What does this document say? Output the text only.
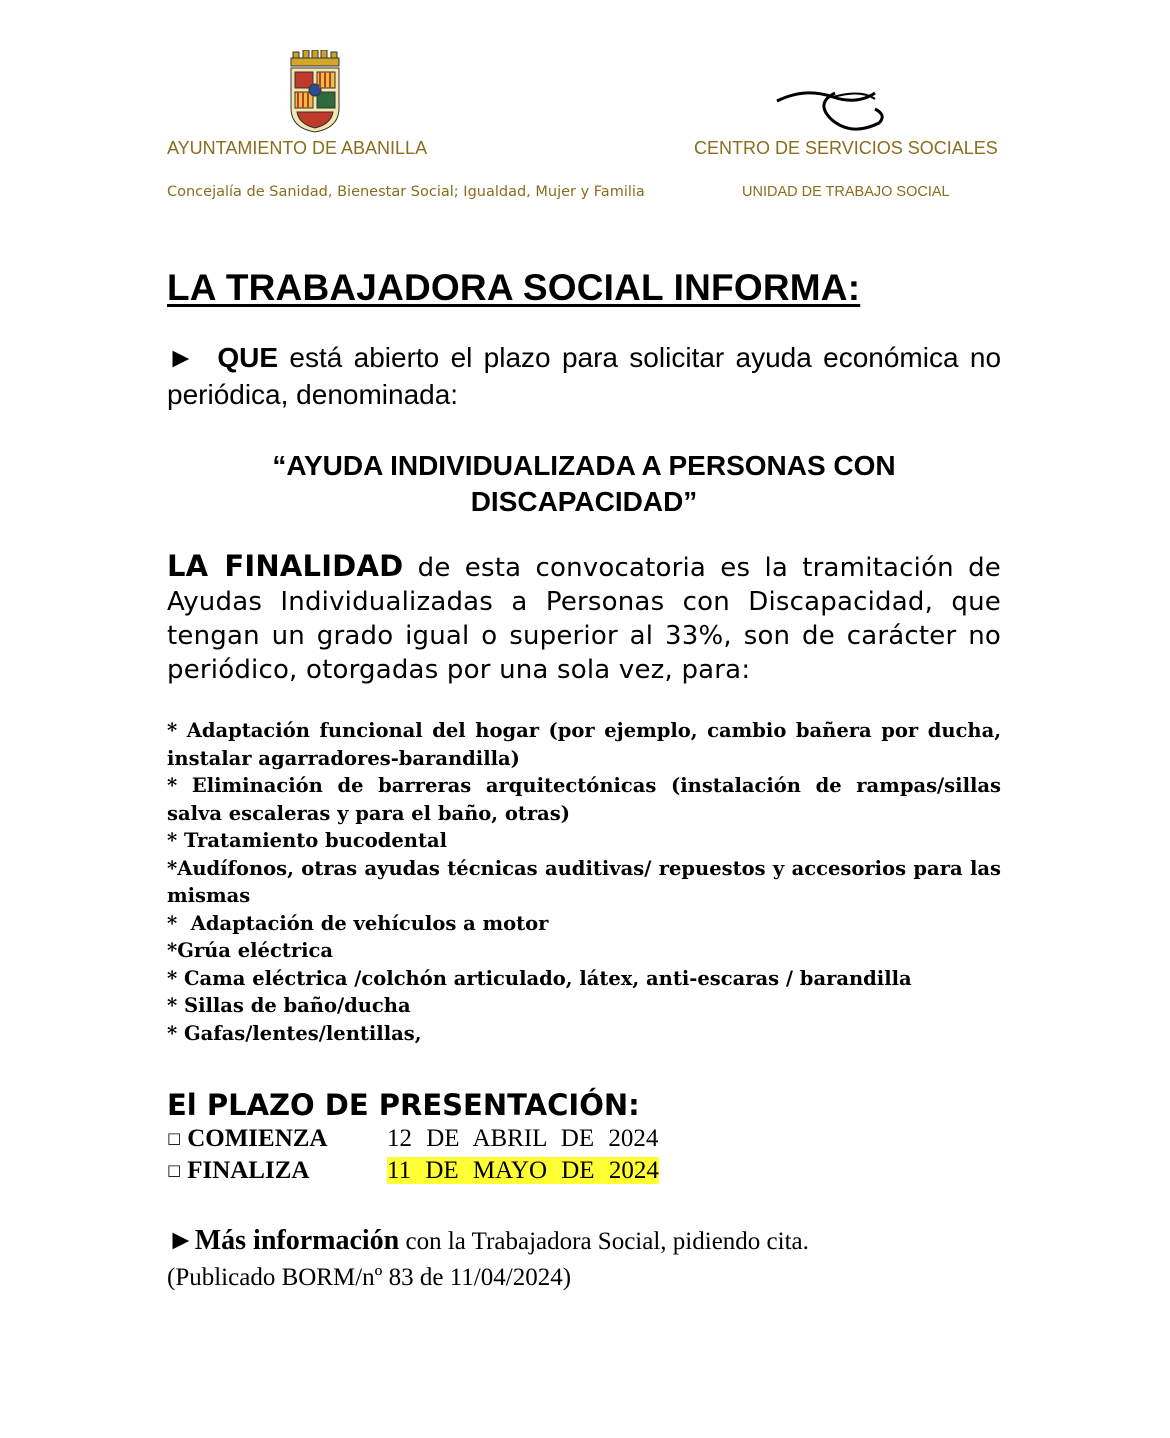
AYUNTAMIENTO DE ABANILLA	CENTRO DE SERVICIOS SOCIALES
Concejalía de Sanidad, Bienestar Social; Igualdad, Mujer y Familia	UNIDAD DE TRABAJO SOCIAL
LA TRABAJADORA SOCIAL INFORMA:
► QUE está abierto el plazo para solicitar ayuda económica no periódica, denominada:
“AYUDA INDIVIDUALIZADA A PERSONAS CON DISCAPACIDAD”
LA FINALIDAD de esta convocatoria es la tramitación de Ayudas Individualizadas a Personas con Discapacidad, que tengan un grado igual o superior al 33%, son de carácter no periódico, otorgadas por una sola vez, para:
* Adaptación funcional del hogar (por ejemplo, cambio bañera por ducha, instalar agarradores-barandilla)
* Eliminación de barreras arquitectónicas (instalación de rampas/sillas salva escaleras y para el baño, otras)
* Tratamiento bucodental
*Audífonos, otras ayudas técnicas auditivas/ repuestos y accesorios para las mismas
*  Adaptación de vehículos a motor
*Grúa eléctrica
* Cama eléctrica /colchón articulado, látex, anti-escaras / barandilla
* Sillas de baño/ducha
* Gafas/lentes/lentillas,
El PLAZO DE PRESENTACIÓN:
□ COMIENZA 12 DE ABRIL DE 2024
□ FINALIZA	11 DE MAYO DE 2024
►Más información con la Trabajadora Social, pidiendo cita.
(Publicado BORM/nº 83 de 11/04/2024)
